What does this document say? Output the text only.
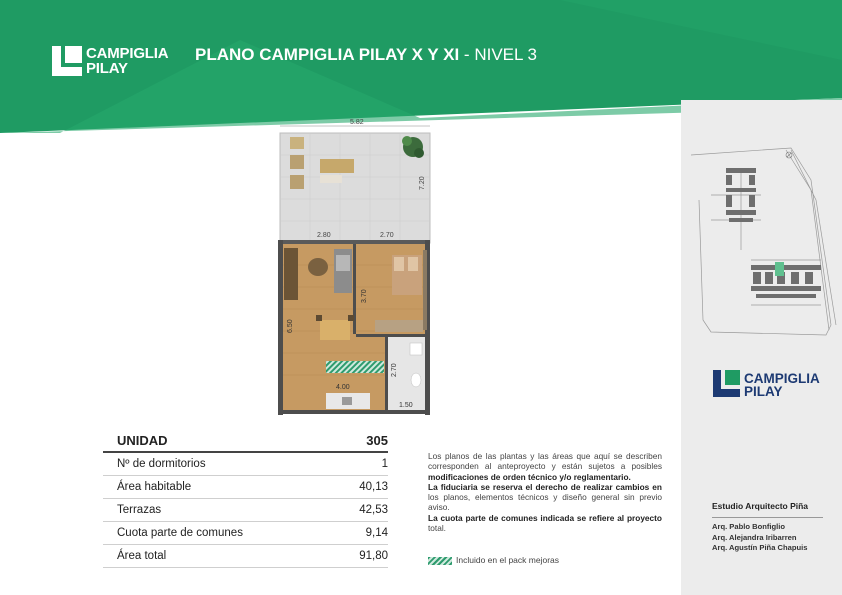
CAMPIGLIA
PILAY
PLANO CAMPIGLIA PILAY X Y XI - NIVEL 3
CAMPIGLIA
PILAY
Estudio Arquitecto Piña
Arq. Pablo Bonfiglio
Arq. Alejandra Iribarren
Arq. Agustín Piña Chapuis
5.82
7.20
2.80	2.70
3.70
6.50
4.00
2.70
1.50
UNIDAD	305
Nº de dormitorios	1
Área habitable	40,13
Terrazas	42,53
Cuota parte de comunes	9,14
Área total	91,80

Los planos de las plantas y las áreas que aquí se describen corresponden al anteproyecto y están sujetos a posibles modificaciones de orden técnico y/o reglamentario.

La fiduciaria se reserva el derecho de realizar cambios en los planos, elementos técnicos y diseño general sin previo aviso.

La cuota parte de comunes indicada se refiere al proyecto total.

Incluido en el pack mejoras
